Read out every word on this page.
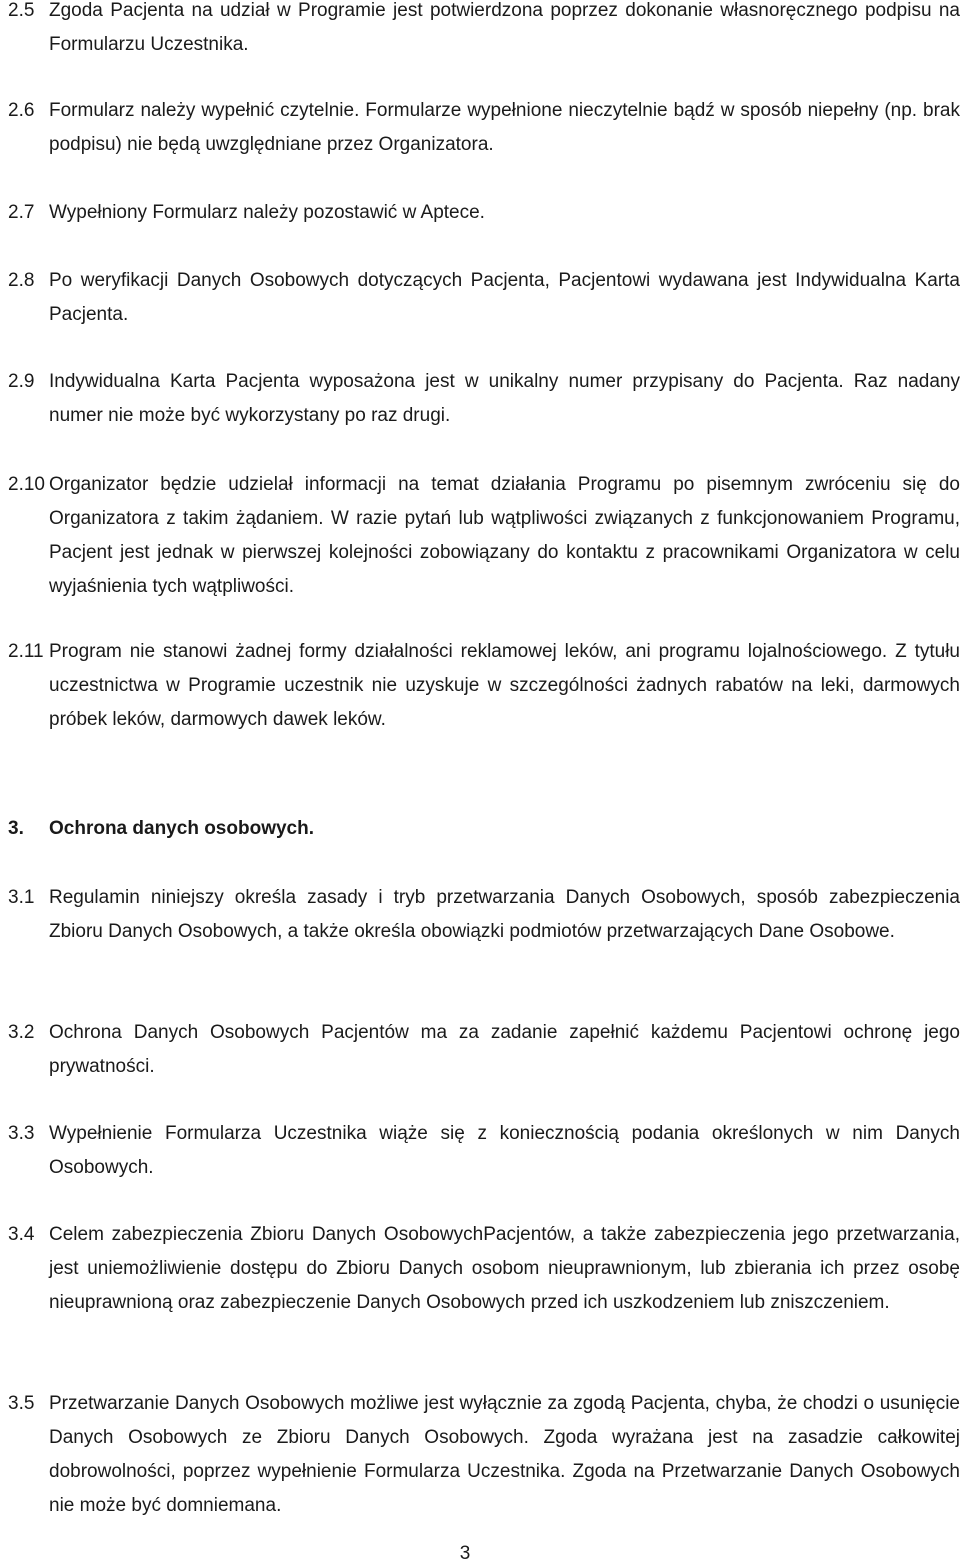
2.5 Zgoda Pacjenta na udział w Programie jest potwierdzona poprzez dokonanie własnoręcznego podpisu na Formularzu Uczestnika.
2.6 Formularz należy wypełnić czytelnie. Formularze wypełnione nieczytelnie bądź w sposób niepełny (np. brak podpisu) nie będą uwzględniane przez Organizatora.
2.7 Wypełniony Formularz należy pozostawić w Aptece.
2.8 Po weryfikacji Danych Osobowych dotyczących Pacjenta, Pacjentowi wydawana jest Indywidualna Karta Pacjenta.
2.9 Indywidualna Karta Pacjenta wyposażona jest w unikalny numer przypisany do Pacjenta. Raz nadany numer nie może być wykorzystany po raz drugi.
2.10 Organizator będzie udzielał informacji na temat działania Programu po pisemnym zwróceniu się do Organizatora z takim żądaniem. W razie pytań lub wątpliwości związanych z funkcjonowaniem Programu, Pacjent jest jednak w pierwszej kolejności zobowiązany do kontaktu z pracownikami Organizatora w celu wyjaśnienia tych wątpliwości.
2.11 Program nie stanowi żadnej formy działalności reklamowej leków, ani programu lojalnościowego. Z tytułu uczestnictwa w Programie uczestnik nie uzyskuje w szczególności żadnych rabatów na leki, darmowych próbek leków, darmowych dawek leków.
3. Ochrona danych osobowych.
3.1 Regulamin niniejszy określa zasady i tryb przetwarzania Danych Osobowych, sposób zabezpieczenia Zbioru Danych Osobowych, a także określa obowiązki podmiotów przetwarzających Dane Osobowe.
3.2 Ochrona Danych Osobowych Pacjentów ma za zadanie zapełnić każdemu Pacjentowi ochronę jego prywatności.
3.3 Wypełnienie Formularza Uczestnika wiąże się z koniecznością podania określonych w nim Danych Osobowych.
3.4 Celem zabezpieczenia Zbioru Danych OsobowychPacjentów, a także zabezpieczenia jego przetwarzania, jest uniemożliwienie dostępu do Zbioru Danych osobom nieuprawnionym, lub zbierania ich przez osobę nieuprawnioną oraz zabezpieczenie Danych Osobowych przed ich uszkodzeniem lub zniszczeniem.
3.5 Przetwarzanie Danych Osobowych możliwe jest wyłącznie za zgodą Pacjenta, chyba, że chodzi o usunięcie Danych Osobowych ze Zbioru Danych Osobowych. Zgoda wyrażana jest na zasadzie całkowitej dobrowolności, poprzez wypełnienie Formularza Uczestnika. Zgoda na Przetwarzanie Danych Osobowych nie może być domniemana.
3
